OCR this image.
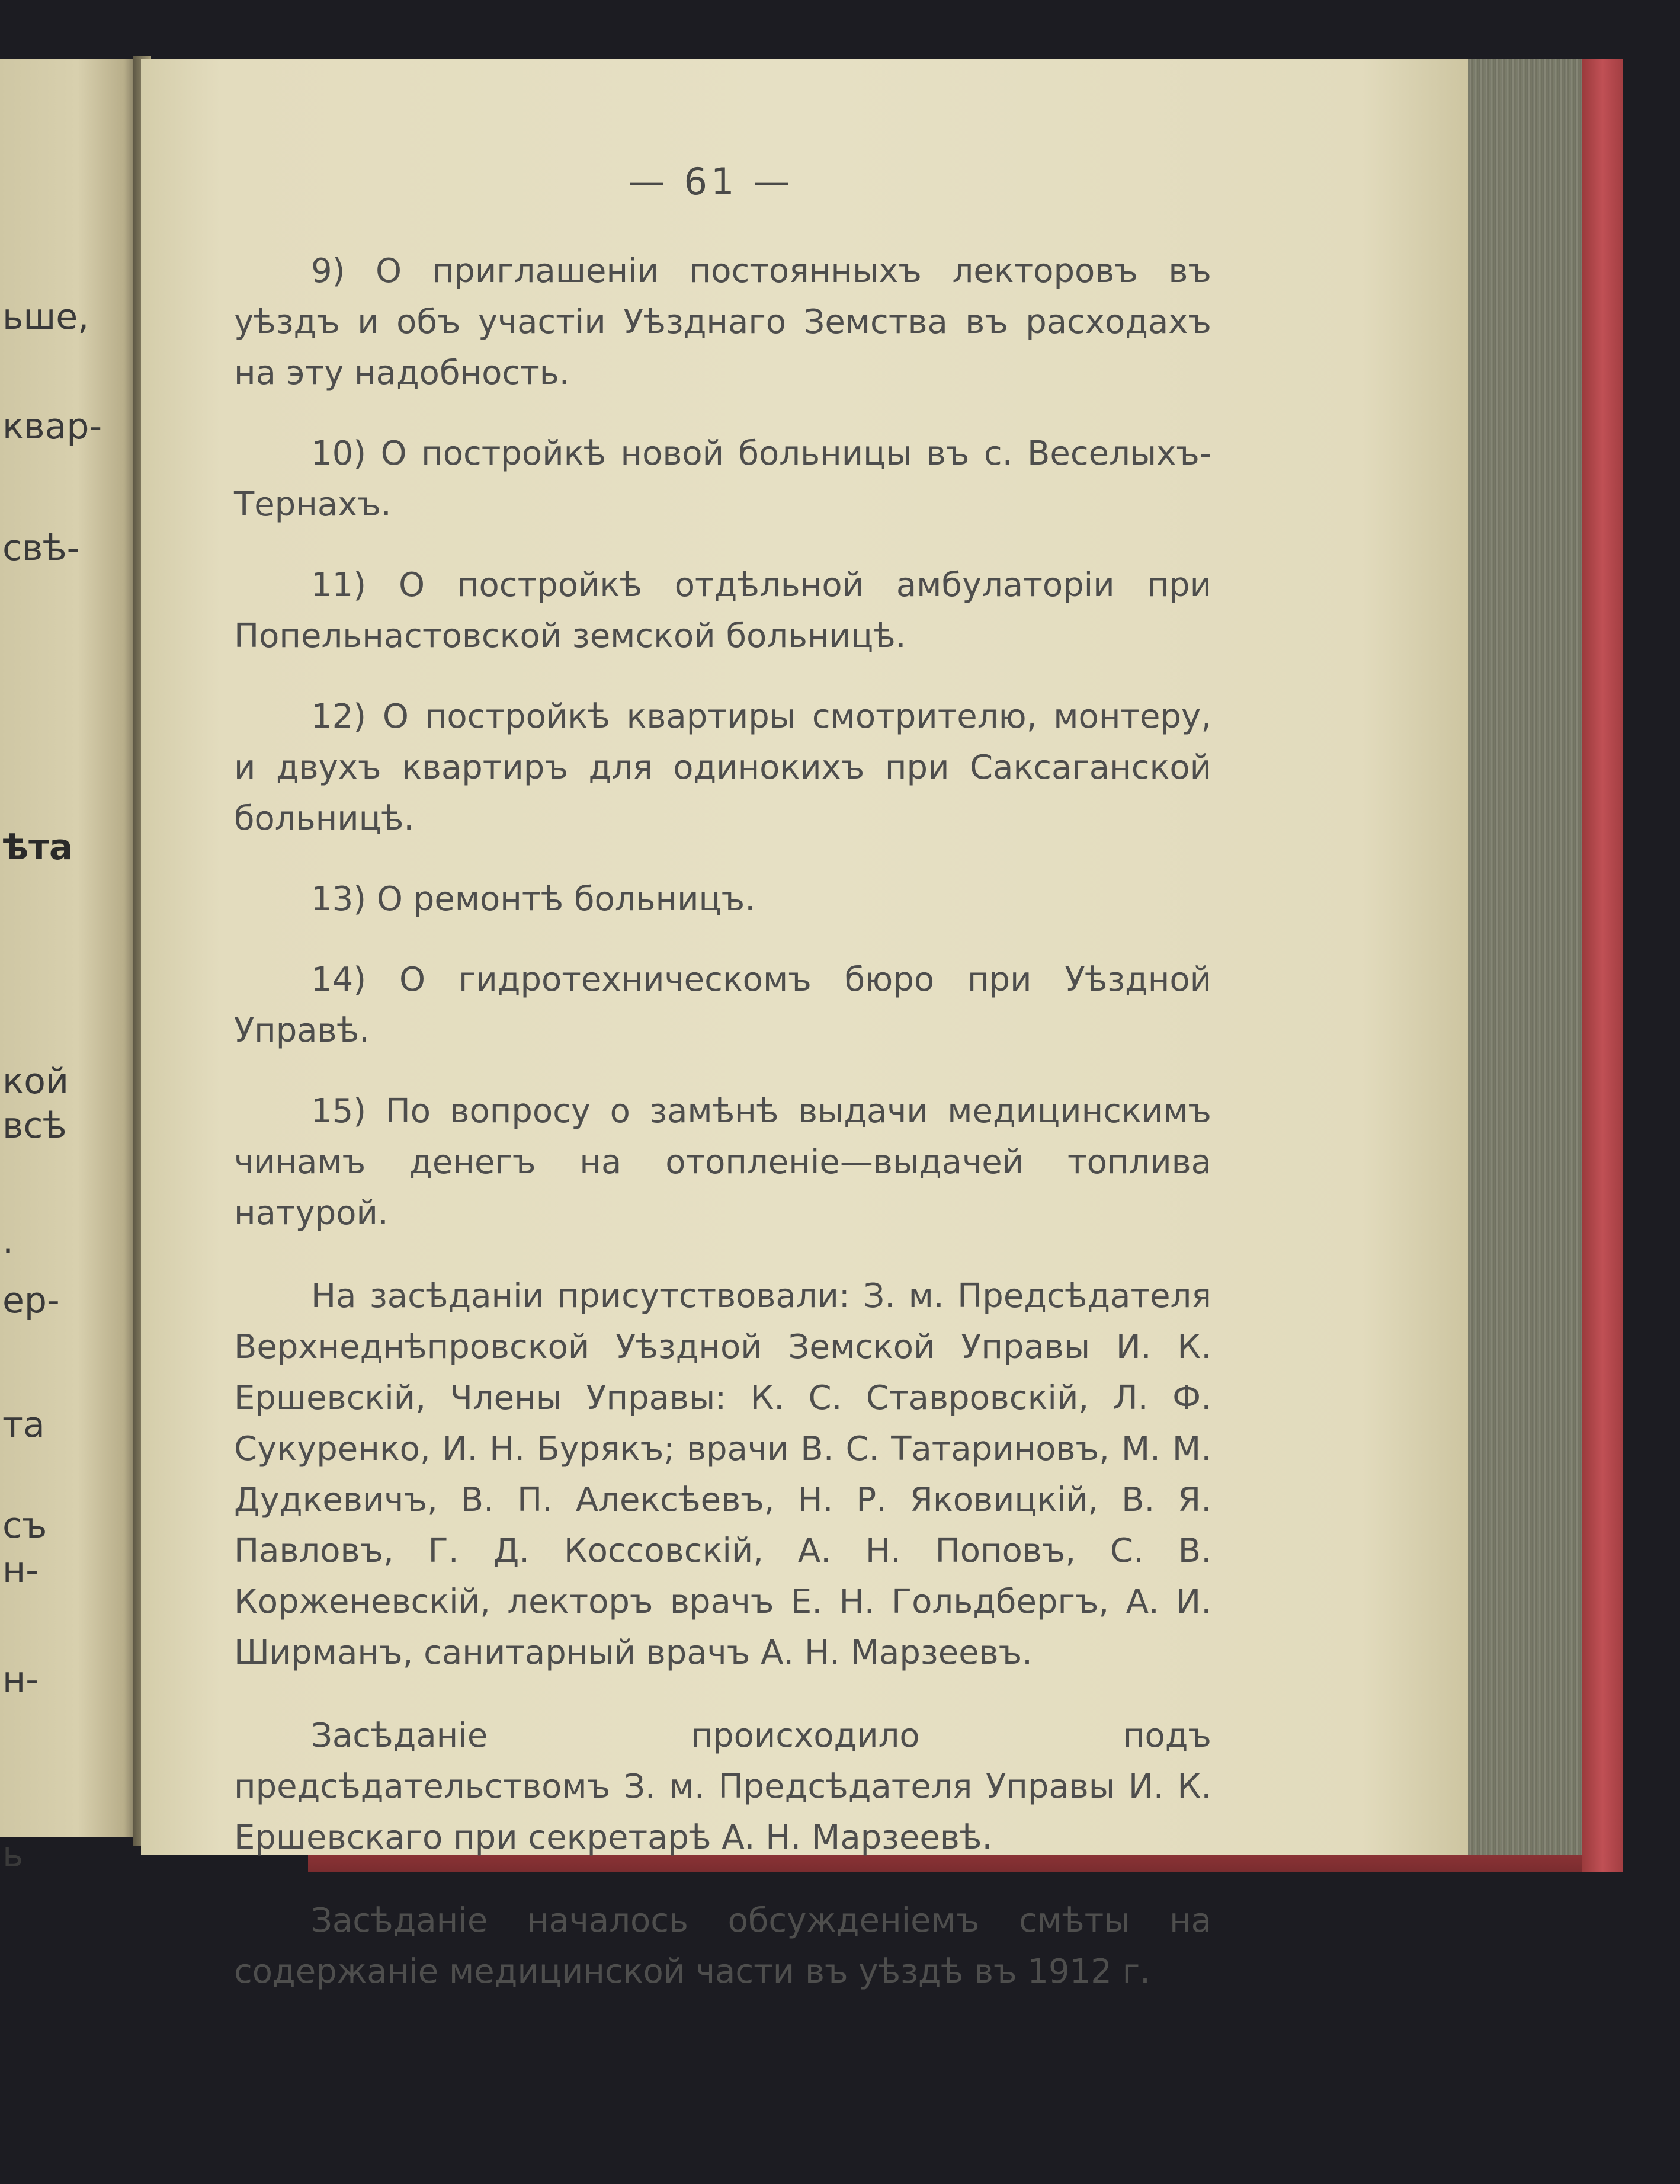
ьше,
квар-
свѣ-
ѣта
кой
всѣ
.
ер-
та
съ
н-
н-
ь
— 61 —

9) О приглашеніи постоянныхъ лекторовъ въ уѣздъ и объ участіи Уѣзднаго Земства въ расходахъ на эту надобность.

10) О постройкѣ новой больницы въ с. Веселыхъ-Тернахъ.

11) О постройкѣ отдѣльной амбулаторіи при Попельнастовской земской больницѣ.

12) О постройкѣ квартиры смотрителю, монтеру, и двухъ квартиръ для одинокихъ при Саксаганской больницѣ.

13) О ремонтѣ больницъ.

14) О гидротехническомъ бюро при Уѣздной Управѣ.

15) По вопросу о замѣнѣ выдачи медицинскимъ чинамъ денегъ на отопленіе—выдачей топлива натурой.

На засѣданіи присутствовали: З. м. Предсѣдателя Верхнеднѣпровской Уѣздной Земской Управы И. К. Ершевскій, Члены Управы: К. С. Ставровскій, Л. Ф. Сукуренко, И. Н. Бурякъ; врачи В. С. Татариновъ, М. М. Дудкевичъ, В. П. Алексѣевъ, Н. Р. Яковицкій, В. Я. Павловъ, Г. Д. Коссовскій, А. Н. Поповъ, С. В. Корженевскій, лекторъ врачъ Е. Н. Гольдбергъ, А. И. Ширманъ, санитарный врачъ А. Н. Марзеевъ.

Засѣданіе происходило подъ предсѣдательствомъ З. м. Предсѣдателя Управы И. К. Ершевскаго при секретарѣ А. Н. Марзеевѣ.

Засѣданіе началось обсужденіемъ смѣты на содержаніе медицинской части въ уѣздѣ въ 1912 г.
